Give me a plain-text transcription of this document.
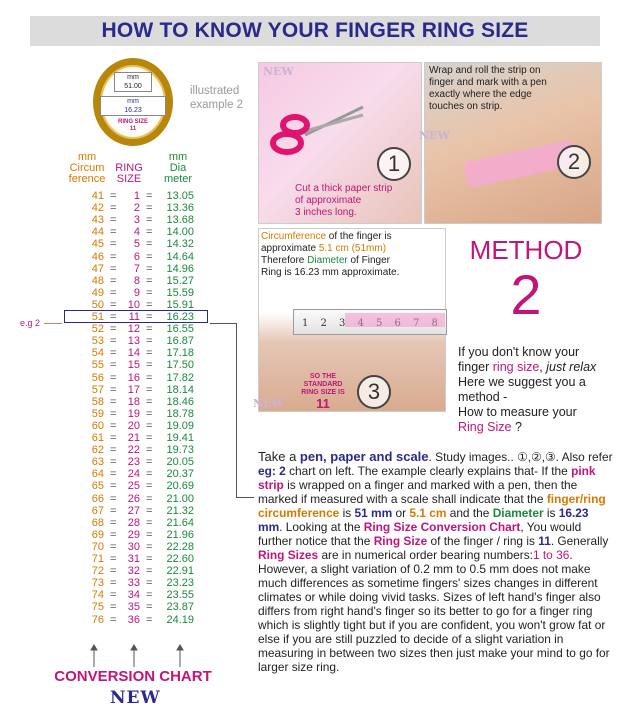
HOW TO KNOW YOUR FINGER RING SIZE
mm
51.00
mm
16.23
RING SIZE
11
illustrated example 2
mm
Circum
ference
RING
SIZE
mm
Dia
meter
41 =	1 =	13.05
42 =	2 =	13.36
43 =	3 =	13.68
44 =	4 =	14.00
45 =	5 =	14.32
46 =	6 =	14.64
47 =	7 =	14.96
48 =	8 =	15.27
49 =	9 =	15.59
50 =	10 =	15.91
51 =	11 =	16.23
52 =	12 =	16.55
53 =	13 =	16.87
54 =	14 =	17.18
55 =	15 =	17.50
56 =	16 =	17.82
57 =	17 =	18.14
58 =	18 =	18.46
59 =	19 =	18.78
60 =	20 =	19.09
61 =	21 =	19.41
62 =	22 =	19.73
63 =	23 =	20.05
64 =	24 =	20.37
65 =	25 =	20.69
66 =	26 =	21.00
67 =	27 =	21.32
68 =	28 =	21.64
69 =	29 =	21.96
70 =	30 =	22.28
71 =	31 =	22.60
72 =	32 =	22.91
73 =	33 =	23.23
74 =	34 =	23.55
75 =	35 =	23.87
76 =	36 =	24.19
e.g 2
CONVERSION CHART
NEW
NEW
1
Cut a thick paper strip
of approximate
3 inches long.
Wrap and roll the strip on
finger and mark with a pen
exactly where the edge
touches on strip.
NEW
2
Circumference of the finger is
approximate 5.1 cm (51mm)
Therefore Diameter of Finger
Ring is 16.23 mm approximate.
1 2 3
SO THE
STANDARD
RING SIZE IS
11	3
NEW
METHOD
2
If you don't know your
finger ring size, just relax
Here we suggest you a method -
How to measure your
Ring Size ?
Take a pen, paper and scale. Study images.. ①,②,③. Also refer eg: 2 chart on left. The example clearly explains that- If the pink strip is wrapped on a finger and marked with a pen, then the marked if measured with a scale shall indicate that the finger/ring circumference is 51 mm or 5.1 cm and the Diameter is 16.23 mm. Looking at the Ring Size Conversion Chart, You would further notice that the Ring Size of the finger / ring is 11. Generally Ring Sizes are in numerical order bearing numbers:1 to 36. However, a slight variation of 0.2 mm to 0.5 mm does not make much differences as sometime fingers' sizes changes in different climates or while doing vivid tasks. Sizes of left hand's finger also differs from right hand's finger so its better to go for a finger ring which is slightly tight but if you are confident, you won't grow fat or else if you are still puzzled to decide of a slight variation in measuring in between two sizes then just make your mind to go for larger size ring.
